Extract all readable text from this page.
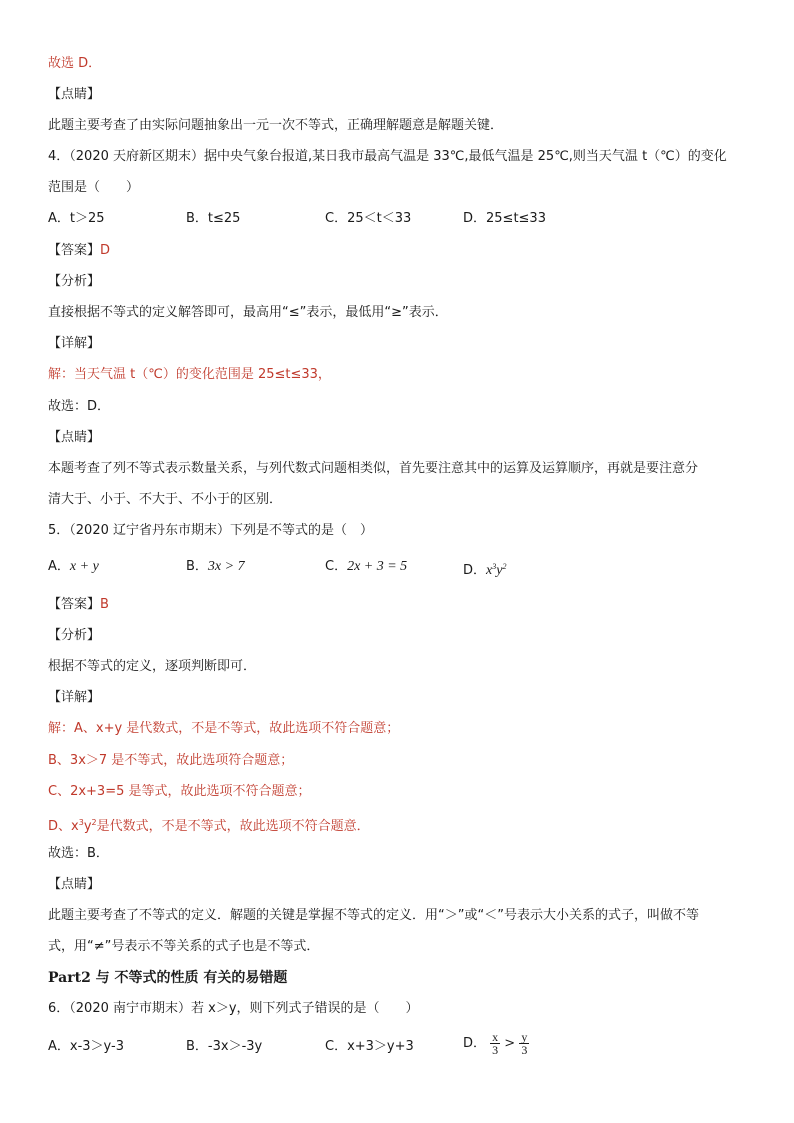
故选 D．
【点睛】
此题主要考查了由实际问题抽象出一元一次不等式，正确理解题意是解题关键．
4．（2020 天府新区期末）据中央气象台报道,某日我市最高气温是 33℃,最低气温是 25℃,则当天气温 t（℃）的变化
范围是（　　）
A．t＞25	B．t≤25	C．25＜t＜33	D．25≤t≤33
【答案】D
【分析】
直接根据不等式的定义解答即可，最高用“≤”表示，最低用“≥”表示．
【详解】
解：当天气温 t（℃）的变化范围是 25≤t≤33，
故选：D．
【点睛】
本题考查了列不等式表示数量关系，与列代数式问题相类似，首先要注意其中的运算及运算顺序，再就是要注意分
清大于、小于、不大于、不小于的区别．
5．（2020 辽宁省丹东市期末）下列是不等式的是（　）
A．x + y	B．3x > 7	C．2x + 3 = 5	D．$x^3y^2$
【答案】B
【分析】
根据不等式的定义，逐项判断即可．
【详解】
解：A、x+y 是代数式，不是不等式，故此选项不符合题意；
B、3x＞7 是不等式，故此选项符合题意；
C、2x+3=5 是等式，故此选项不符合题意；
D、$x^3y^2$是代数式，不是不等式，故此选项不符合题意．
故选：B．
【点睛】
此题主要考查了不等式的定义．解题的关键是掌握不等式的定义．用“＞”或“＜”号表示大小关系的式子，叫做不等
式，用“≠”号表示不等关系的式子也是不等式．
Part2 与 不等式的性质 有关的易错题
6．（2020 南宁市期末）若 x＞y，则下列式子错误的是（　　）
A．x-3＞y-3	B．-3x＞-3y	C．x+3＞y+3	D． $\frac{x}{3} > \frac{y}{3}$
